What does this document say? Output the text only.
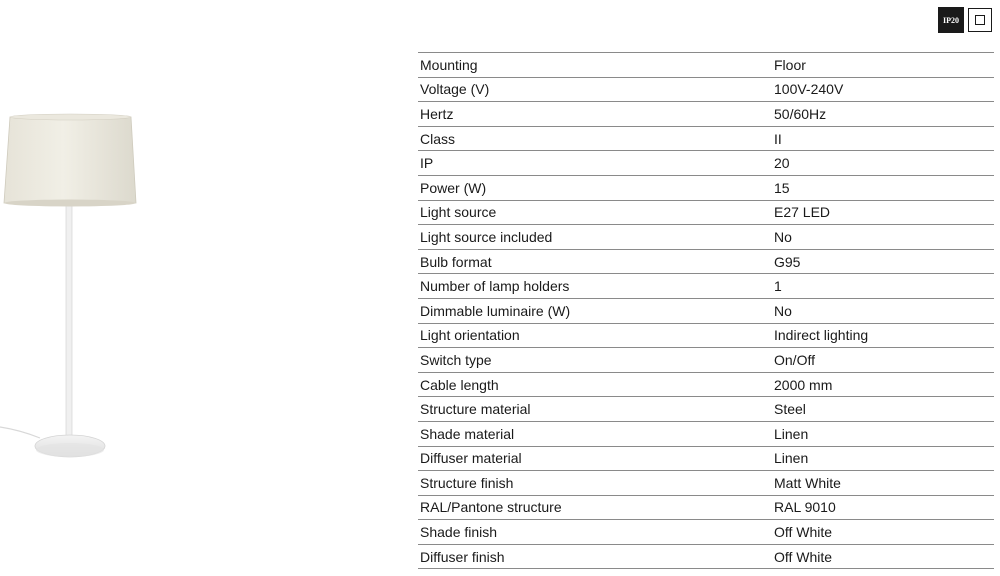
IP20
Mounting	Floor
Voltage (V)	100V-240V
Hertz	50/60Hz
Class	II
IP	20
Power (W)	15
Light source	E27 LED
Light source included	No
Bulb format	G95
Number of lamp holders	1
Dimmable luminaire (W)	No
Light orientation	Indirect lighting
Switch type	On/Off
Cable length	2000 mm
Structure material	Steel
Shade material	Linen
Diffuser material	Linen
Structure finish	Matt White
RAL/Pantone structure	RAL 9010
Shade finish	Off White
Diffuser finish	Off White
